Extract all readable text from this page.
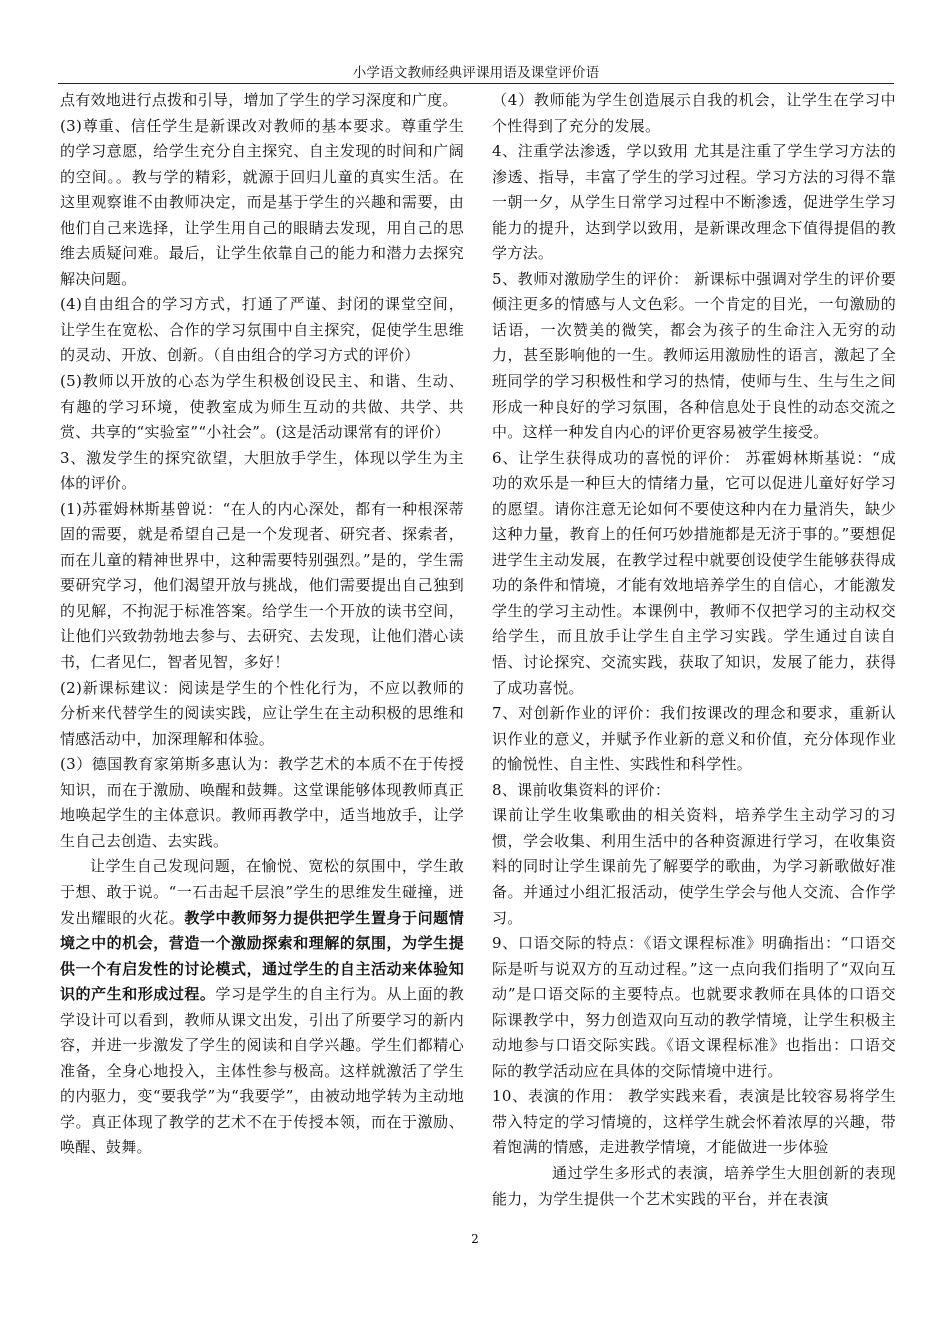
小学语文教师经典评课用语及课堂评价语

点有效地进行点拨和引导，增加了学生的学习深度和广度。

(3)尊重、信任学生是新课改对教师的基本要求。尊重学生的学习意愿，给学生充分自主探究、自主发现的时间和广阔的空间。。教与学的精彩，就源于回归儿童的真实生活。在这里观察谁不由教师决定，而是基于学生的兴趣和需要，由他们自己来选择，让学生用自己的眼睛去发现，用自己的思维去质疑问难。最后，让学生依靠自己的能力和潜力去探究解决问题。

(4)自由组合的学习方式，打通了严谨、封闭的课堂空间，让学生在宽松、合作的学习氛围中自主探究，促使学生思维的灵动、开放、创新。（自由组合的学习方式的评价）

(5)教师以开放的心态为学生积极创设民主、和谐、生动、有趣的学习环境，使教室成为师生互动的共做、共学、共赏、共享的“实验室”“小社会”。(这是活动课常有的评价）

3、激发学生的探究欲望，大胆放手学生，体现以学生为主体的评价。

(1)苏霍姆林斯基曾说：“在人的内心深处，都有一种根深蒂固的需要，就是希望自己是一个发现者、研究者、探索者，而在儿童的精神世界中，这种需要特别强烈。”是的，学生需要研究学习，他们渴望开放与挑战，他们需要提出自己独到的见解，不拘泥于标准答案。给学生一个开放的读书空间，让他们兴致勃勃地去参与、去研究、去发现，让他们潜心读书，仁者见仁，智者见智，多好！

(2)新课标建议：阅读是学生的个性化行为，不应以教师的分析来代替学生的阅读实践，应让学生在主动积极的思维和情感活动中，加深理解和体验。

(3）德国教育家第斯多惠认为：教学艺术的本质不在于传授知识，而在于激励、唤醒和鼓舞。这堂课能够体现教师真正地唤起学生的主体意识。教师再教学中，适当地放手，让学生自己去创造、去实践。

让学生自己发现问题，在愉悦、宽松的氛围中，学生敢于想、敢于说。“一石击起千层浪”学生的思维发生碰撞，迸发出耀眼的火花。教学中教师努力提供把学生置身于问题情境之中的机会，营造一个激励探索和理解的氛围，为学生提供一个有启发性的讨论模式，通过学生的自主活动来体验知识的产生和形成过程。学习是学生的自主行为。从上面的教学设计可以看到，教师从课文出发，引出了所要学习的新内容，并进一步激发了学生的阅读和自学兴趣。学生们都精心准备，全身心地投入，主体性参与极高。这样就激活了学生的内驱力，变“要我学”为“我要学”，由被动地学转为主动地学。真正体现了教学的艺术不在于传授本领，而在于激励、唤醒、鼓舞。

（4）教师能为学生创造展示自我的机会，让学生在学习中个性得到了充分的发展。

4、注重学法渗透，学以致用 尤其是注重了学生学习方法的渗透、指导，丰富了学生的学习过程。学习方法的习得不靠一朝一夕，从学生日常学习过程中不断渗透，促进学生学习能力的提升，达到学以致用，是新课改理念下值得提倡的教学方法。

5、教师对激励学生的评价： 新课标中强调对学生的评价要倾注更多的情感与人文色彩。一个肯定的目光，一句激励的话语，一次赞美的微笑，都会为孩子的生命注入无穷的动力，甚至影响他的一生。教师运用激励性的语言，激起了全班同学的学习积极性和学习的热情，使师与生、生与生之间形成一种良好的学习氛围，各种信息处于良性的动态交流之中。这样一种发自内心的评价更容易被学生接受。

6、让学生获得成功的喜悦的评价： 苏霍姆林斯基说：“成功的欢乐是一种巨大的情绪力量，它可以促进儿童好好学习的愿望。请你注意无论如何不要使这种内在力量消失，缺少这种力量，教育上的任何巧妙措施都是无济于事的。”要想促进学生主动发展，在教学过程中就要创设使学生能够获得成功的条件和情境，才能有效地培养学生的自信心，才能激发学生的学习主动性。本课例中，教师不仅把学习的主动权交给学生，而且放手让学生自主学习实践。学生通过自读自悟、讨论探究、交流实践，获取了知识，发展了能力，获得了成功喜悦。

7、对创新作业的评价：我们按课改的理念和要求，重新认识作业的意义，并赋予作业新的意义和价值，充分体现作业的愉悦性、自主性、实践性和科学性。

8、课前收集资料的评价：

课前让学生收集歌曲的相关资料，培养学生主动学习的习惯，学会收集、利用生活中的各种资源进行学习，在收集资料的同时让学生课前先了解要学的歌曲，为学习新歌做好准备。并通过小组汇报活动，使学生学会与他人交流、合作学习。

9、口语交际的特点：《语文课程标准》明确指出：“口语交际是听与说双方的互动过程。”这一点向我们指明了“双向互动”是口语交际的主要特点。也就要求教师在具体的口语交际课教学中，努力创造双向互动的教学情境，让学生积极主动地参与口语交际实践。《语文课程标准》也指出：口语交际的教学活动应在具体的交际情境中进行。

10、表演的作用： 教学实践来看，表演是比较容易将学生带入特定的学习情境的，这样学生就会怀着浓厚的兴趣，带着饱满的情感，走进教学情境，才能做进一步体验

通过学生多形式的表演，培养学生大胆创新的表现能力，为学生提供一个艺术实践的平台，并在表演

2
